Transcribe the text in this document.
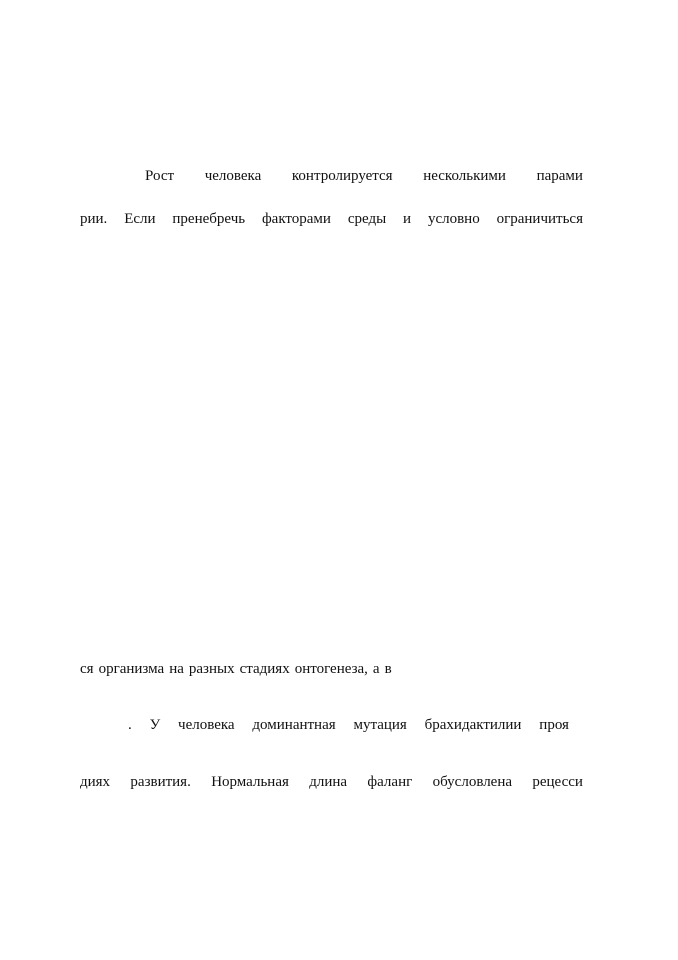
Рост человека контролируется несколькими парами
рии. Если пренебречь факторами среды и условно ограничиться
ся организма на разных стадиях онтогенеза, а в
. У человека доминантная мутация брахидактилии проя
диях развития. Нормальная длина фаланг обусловлена рецесси
